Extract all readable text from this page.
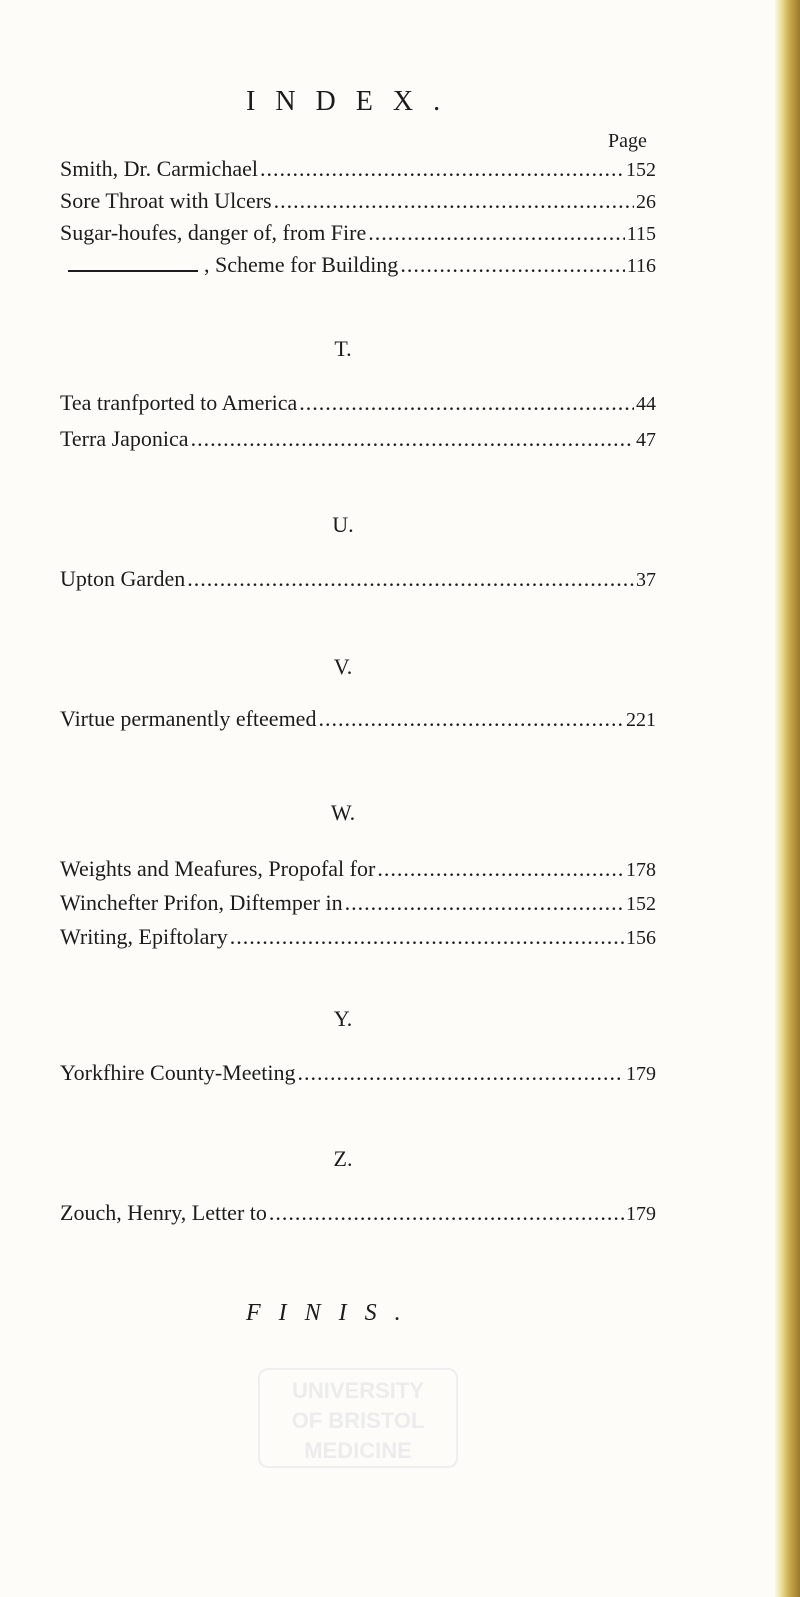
UNIVERSITY
OF BRISTOL
MEDICINE
INDEX.
Page
Smith, Dr. Carmichael .....	152
Sore Throat with Ulcers .....	26
Sugar-houfes, danger of, from Fire .....	115
, Scheme for Building .....	116
T.
Tea tranfported to America .....	44
Terra Japonica .....	47
U.
Upton Garden .....	37
V.
Virtue permanently efteemed .....	221
W.
Weights and Meafures, Propofal for .....	178
Winchefter Prifon, Diftemper in .....	152
Writing, Epiftolary .....	156
Y.
Yorkfhire County-Meeting .....	179
Z.
Zouch, Henry, Letter to .....	179
FINIS.
